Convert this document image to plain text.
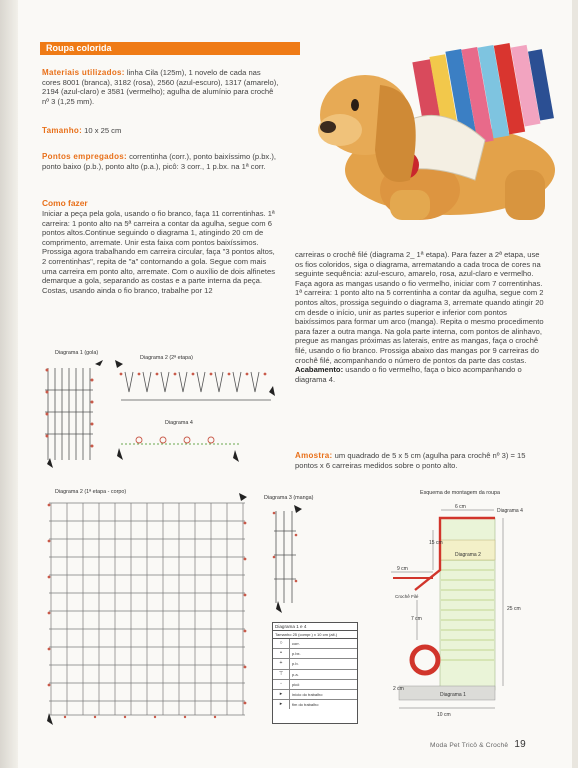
Roupa colorida
Materiais utilizados: linha Cila (125m), 1 novelo de cada nas cores 8001 (branca), 3182 (rosa), 2560 (azul-escuro), 1317 (amarelo), 2194 (azul-claro) e 3581 (vermelho); agulha de alumínio para crochê nº 3 (1,25 mm).
Tamanho: 10 x 25 cm
Pontos empregados: correntinha (corr.), ponto baixíssimo (p.bx.), ponto baixo (p.b.), ponto alto (p.a.), picô: 3 corr., 1 p.bx. na 1ª corr.
Como fazer
Iniciar a peça pela gola, usando o fio branco, faça 11 correntinhas. 1ª carreira: 1 ponto alto na 5ª carreira a contar da agulha, segue com 6 pontos altos.Continue seguindo o diagrama 1, atingindo 20 cm de comprimento, arremate. Unir esta faixa com pontos baixíssimos. Prossiga agora trabalhando em carreira circular, faça "3 pontos altos, 2 correntinhas", repita de "a" contornando a gola. Segue com mais uma carreira em ponto alto, arremate. Com o auxílio de dois alfinetes demarque a gola, separando as costas e a parte interna da peça. Costas, usando ainda o fio branco, trabalhe por 12
carreiras o crochê filé (diagrama 2_ 1ª etapa). Para fazer a 2ª etapa, use os fios coloridos, siga o diagrama, arrematando a cada troca de cores na seguinte sequência: azul-escuro, amarelo, rosa, azul-claro e vermelho. Faça agora as mangas usando o fio vermelho, iniciar com 7 correntinhas. 1ª carreira: 1 ponto alto na 5 correntinha a contar da agulha, segue com 2 pontos altos, prossiga seguindo o diagrama 3, arremate quando atingir 20 cm desde o início, unir as partes superior e inferior com pontos baixíssimos para formar um arco (manga). Repita o mesmo procedimento para fazer a outra manga. Na gola parte interna, com pontos de alinhavo, pregue as mangas próximas as laterais, entre as mangas, faça o crochê filé, usando o fio branco. Prossiga abaixo das mangas por 9 carreiras do crochê filé, acompanhando o número de pontos da parte das costas. Acabamento: usando o fio vermelho, faça o bico acompanhando o diagrama 4.
Amostra: um quadrado de 5 x 5 cm (agulha para crochê nº 3) = 15 pontos x 6 carreiras medidos sobre o ponto alto.
Diagrama 1 (gola)
Diagrama 2 (2ª etapa)
Diagrama 4
Diagrama 2 (1ª etapa - corpo)
Diagrama 3 (manga)
Diagrama 1 e 4
Tamanho 25 (compr.) x 10 cm (alt.)
○	corr.
•	p.bx.
+	p.b.
⊤	p.a.
◦	picô
▸	início do trabalho
▸	fim do trabalho
Esquema de montagem da roupa
6 cm
Diagrama 4
Diagrama 2
Diagrama 1
10 cm
9 cm
Crochê Filé
7 cm
15 cm
25 cm
2 cm
Moda Pet Tricô & Crochê 19
